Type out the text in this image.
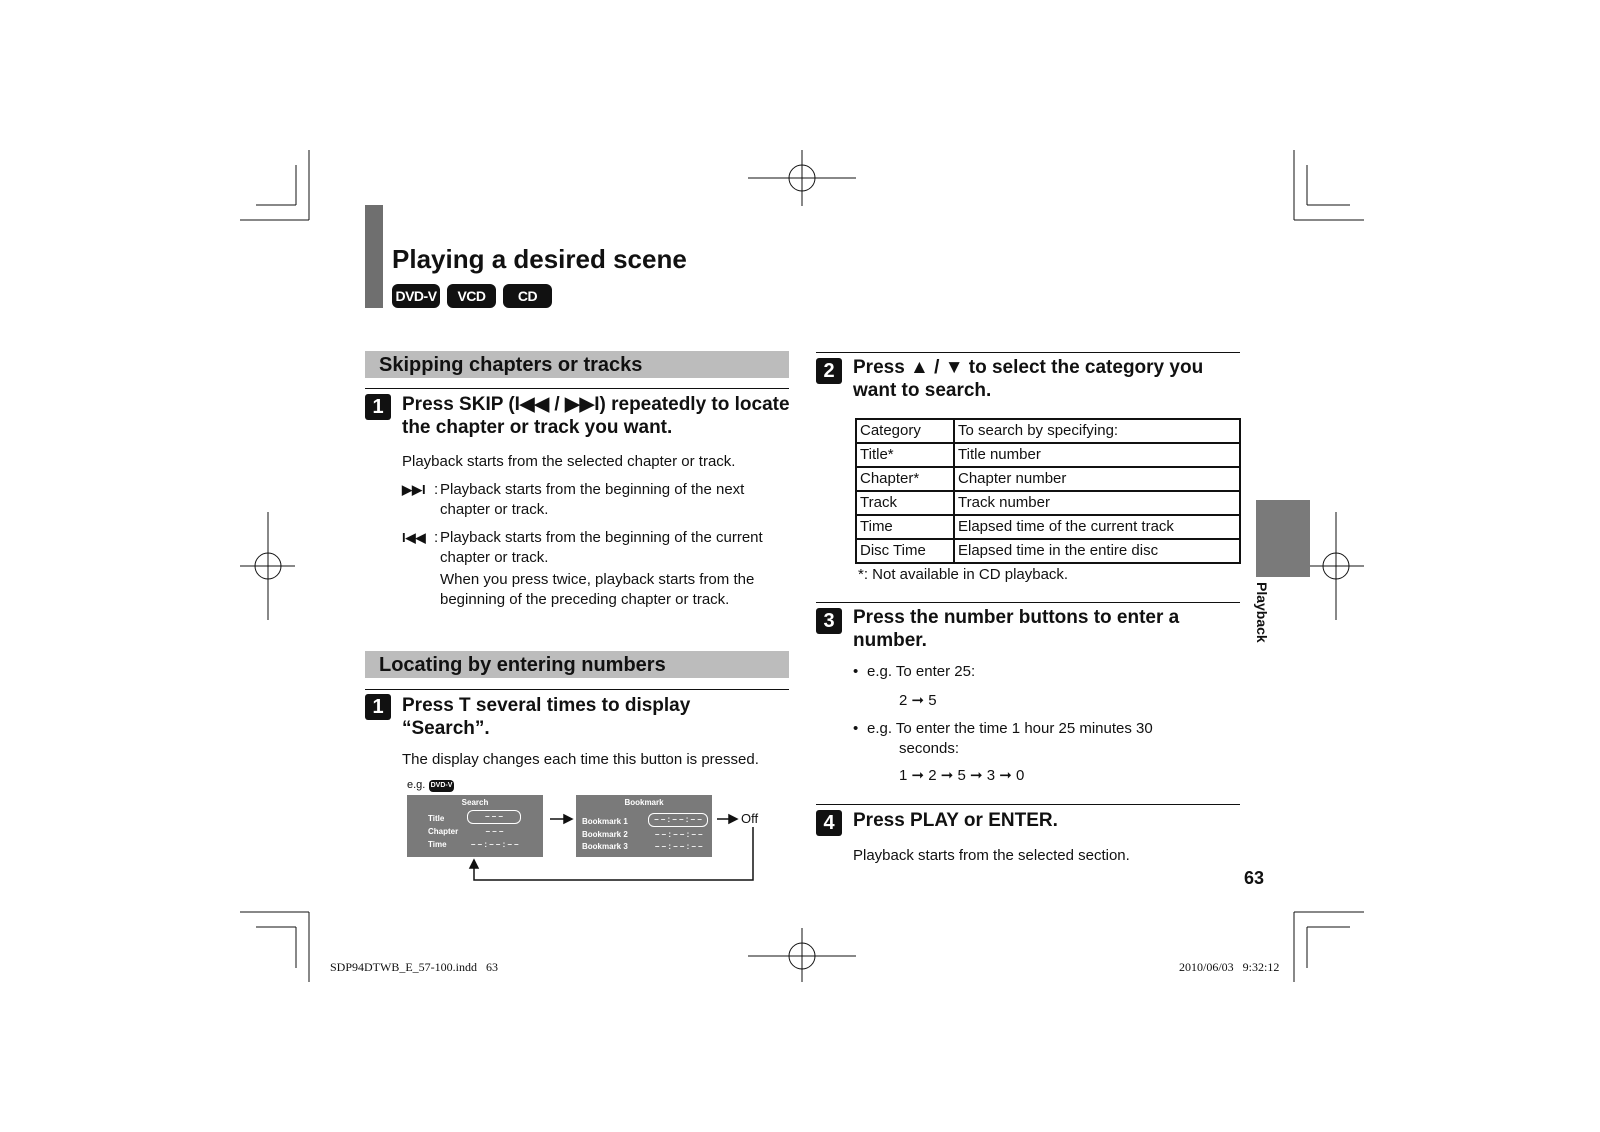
Playing a desired scene
DVD-V	VCD	CD
Skipping chapters or tracks
1 Press SKIP (I◀◀ / ▶▶I) repeatedly to locate
the chapter or track you want.
Playback starts from the selected chapter or track.
▶▶I : Playback starts from the beginning of the next
chapter or track.
I◀◀ : Playback starts from the beginning of the current
chapter or track.
When you press twice, playback starts from the
beginning of the preceding chapter or track.
Locating by entering numbers
1 Press T several times to display
“Search”.
The display changes each time this button is pressed.
e.g. DVD-V
Search
Title	– – –
Chapter	– – –
Time	– – : – – : – –
Bookmark
Bookmark 1	– – : – – : – –
Bookmark 2	– – : – – : – –
Bookmark 3	– – : – – : – –
Off
2 Press ▲ / ▼ to select the category you
want to search.
Category	To search by specifying:
Title*	Title number
Chapter*	Chapter number
Track	Track number
Time	Elapsed time of the current track
Disc Time	Elapsed time in the entire disc
*: Not available in CD playback.
3 Press the number buttons to enter a
number.
• e.g. To enter 25:
2 ➞ 5
• e.g. To enter the time 1 hour 25 minutes 30
seconds:
1 ➞ 2 ➞ 5 ➞ 3 ➞ 0
4 Press PLAY or ENTER.
Playback starts from the selected section.
Playback
63
SDP94DTWB_E_57-100.indd   63	2010/06/03   9:32:12
